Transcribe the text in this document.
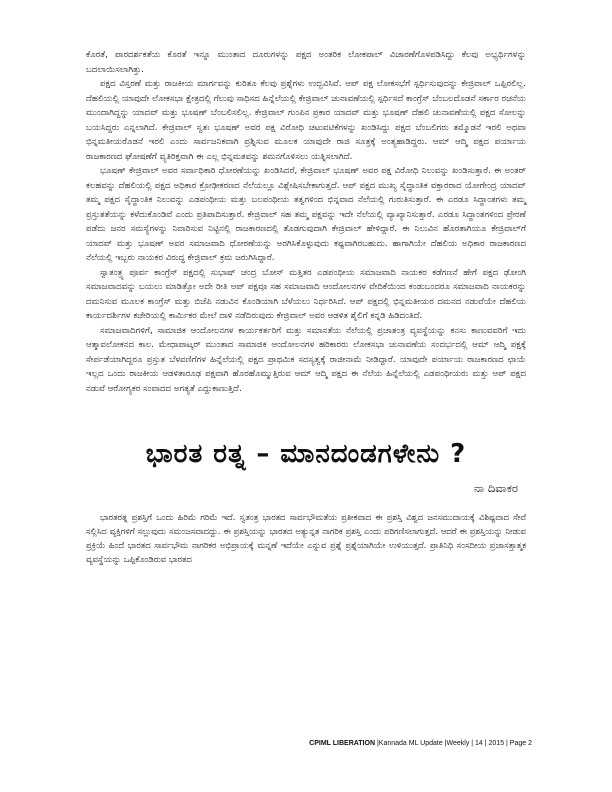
ಕೊರತೆ, ಪಾರದರ್ಶಕತೆಯ ಕೊರತೆ ಇನ್ನೂ ಮುಂತಾದ ದೂರುಗಳನ್ನು ಪಕ್ಷದ ಅಂತರಿಕ ಲೋಕಪಾಲ್ ವಿಚಾರಣೆಗೊಳಪಡಿಸಿದ್ದು ಕೆಲವು ಅಭ್ಯರ್ಥಿಗಳನ್ನು ಬದಲಾಯಿಸಲಾಗಿತ್ತು.

ಪಕ್ಷದ ವಿಸ್ತರಣೆ ಮತ್ತು ರಾಜಕೀಯ ಮಾರ್ಗವನ್ನು ಕುರಿತೂ ಕೆಲವು ಪ್ರಶ್ನೆಗಳು ಉದ್ಭವಿಸಿವೆ. ಆಪ್ ಪಕ್ಷ ಲೋಕಸಭೆಗೆ ಸ್ಪರ್ಧಿಸುವುದನ್ನು ಕೇಜ್ರಿವಾಲ್ ಒಪ್ಪಿರಲಿಲ್ಲ. ದೆಹಲಿಯಲ್ಲಿ ಯಾವುದೇ ಲೋಕಸಭಾ ಕ್ಷೇತ್ರದಲ್ಲಿ ಗೆಲುವು ಸಾಧಿಸದ ಹಿನ್ನೆಲೆಯಲ್ಲಿ ಕೇಜ್ರಿವಾಲ್ ಚುನಾವಣೆಯಲ್ಲಿ ಸ್ಪರ್ಧಿಸದೆ ಕಾಂಗ್ರೆಸ್ ಬೆಂಬಲದೊಡನೆ ಸರ್ಕಾರ ರಚನೆಯ ಮುಂದಾಗಿದ್ದನ್ನು ಯಾದವ್ ಮತ್ತು ಭೂಷಣ್ ಬೆಂಬಲಿಸಲಿಲ್ಲ. ಕೇಜ್ರಿವಾಲ್ ಗುಂಪಿನ ಪ್ರಕಾರ ಯಾದವ್ ಮತ್ತು ಭೂಷಣ್ ದೆಹಲಿ ಚುನಾವಣೆಯಲ್ಲಿ ಪಕ್ಷದ ಸೋಲನ್ನು ಬಯಸಿದ್ದರು ಎನ್ನಲಾಗಿದೆ. ಕೇಜ್ರಿವಾಲ್ ಸ್ವತಃ ಭೂಷಣ್ ಅವರ ಪಕ್ಷ ವಿರೋಧಿ ಚಟುವಟಿಕೆಗಳನ್ನು ಖಂಡಿಸಿದ್ದು ಪಕ್ಷದ ಬೆಂಬಲಿಗರು ತಮ್ಮೊಡನೆ ಇರಲಿ ಅಥವಾ ಭಿನ್ನಮತೀಯರೊಡನೆ ಇರಲಿ ಎಂದು ಸಾರ್ವಜನಿಕವಾಗಿ ಪ್ರಶ್ನಿಸುವ ಮೂಲಕ ಯಾವುದೇ ರಾಜಿ ಸೂತ್ರಕ್ಕೆ ಅಂತ್ಯಹಾಡಿದ್ದರು. ಆಮ್ ಆದ್ಮಿ ಪಕ್ಷದ ಪರ್ಯಾಯ ರಾಜಕಾರಣದ ಘೋಷಣೆಗೆ ವ್ಯತಿರಿಕ್ತವಾಗಿ ಈ ಎಲ್ಲ ಭಿನ್ನಮತವನ್ನು ಶಮನಗೊಳಿಸಲು ಯತ್ನಿಸಲಾಗಿದೆ.

ಭೂಷಣ್ ಕೇಜ್ರಿವಾಲ್ ಅವರ ಸರ್ವಾಧಿಕಾರಿ ಧೋರಣೆಯನ್ನು ಖಂಡಿಸಿದರೆ, ಕೇಜ್ರಿವಾಲ್ ಭೂಷಣ್ ಅವರ ಪಕ್ಷ ವಿರೋಧಿ ನಿಲುವನ್ನು ಖಂಡಿಸುತ್ತಾರೆ. ಈ ಅಂತರ್ ಕಲಹವನ್ನು ದೆಹಲಿಯಲ್ಲಿ ಪಕ್ಷದ ಅಧಿಕಾರ ಕ್ರೋಢೀಕರಣದ ನೆಲೆಯಲ್ಲೂ ವಿಶ್ಲೇಷಿಸಬೇಕಾಗುತ್ತದೆ. ಆಪ್ ಪಕ್ಷದ ಮುಖ್ಯ ಸೈದ್ಧಾಂತಿಕ ವಕ್ತಾರರಾದ ಯೋಗೇಂದ್ರ ಯಾದವ್ ತಮ್ಮ ಪಕ್ಷದ ಸೈದ್ಧಾಂತಿಕ ನಿಲುವನ್ನು ಎಡಪಂಥೀಯ ಮತ್ತು ಬಲಪಂಥೀಯ ತತ್ವಗಳಿಂದ ಭಿನ್ನವಾದ ನೆಲೆಯಲ್ಲಿ ಗುರುತಿಸುತ್ತಾರೆ. ಈ ಎರಡೂ ಸಿದ್ಧಾಂತಗಳು ತಮ್ಮ ಪ್ರಸ್ತುತತೆಯನ್ನು ಕಳೆದುಕೊಂಡಿವೆ ಎಂದು ಪ್ರತಿಪಾದಿಸುತ್ತಾರೆ. ಕೇಜ್ರಿವಾಲ್ ಸಹ ತಮ್ಮ ಪಕ್ಷವನ್ನು ಇದೇ ನೆಲೆಯಲ್ಲಿ ವ್ಯಾಖ್ಯಾನಿಸುತ್ತಾರೆ. ಎರಡೂ ಸಿದ್ಧಾಂತಗಳಿಂದ ಪ್ರೇರಣೆ ಪಡೆದು ಜನರ ಸಮಸ್ಯೆಗಳನ್ನು ನಿವಾರಿಸುವ ನಿಟ್ಟಿನಲ್ಲಿ ರಾಜಕಾರಣದಲ್ಲಿ ತೊಡಗುವುದಾಗಿ ಕೇಜ್ರಿವಾಲ್ ಹೇಳಿದ್ದಾರೆ. ಈ ನಿಲುವಿನ ಹೊರತಾಗಿಯೂ ಕೇಜ್ರಿವಾಲ್‌ಗೆ ಯಾದವ್ ಮತ್ತು ಭೂಷಣ್ ಅವರ ಸಮಾಜವಾದಿ ಧೋರಣೆಯನ್ನು ಅರಗಿಸಿಕೊಳ್ಳುವುದು ಕಷ್ಟವಾಗಿರಬಹುದು. ಹಾಗಾಗಿಯೇ ದೆಹಲಿಯ ಅಧಿಕಾರ ರಾಜಕಾರಣದ ನೆಲೆಯಲ್ಲಿ ಇಬ್ಬರು ನಾಯಕರ ವಿರುದ್ಧ ಕೇಜ್ರಿವಾಲ್ ಕ್ರಮ ಜರುಗಿಸಿದ್ದಾರೆ.

ಸ್ವಾತಂತ್ರ್ಯ ಪೂರ್ವ ಕಾಂಗ್ರೆಸ್ ಪಕ್ಷದಲ್ಲಿ ಸುಭಾಷ್ ಚಂದ್ರ ಬೋಸ್ ಮತ್ತಿತರ ಎಡಪಂಥೀಯ ಸಮಾಜವಾದಿ ನಾಯಕರ ಕಡೆಗಣನೆ ಹೇಗೆ ಪಕ್ಷದ ಢೋಂಗಿ ಸಮಾಜವಾದವನ್ನು ಬಯಲು ಮಾಡಿತ್ತೋ ಅದೇ ರೀತಿ ಆಪ್ ಪಕ್ಷವೂ ಸಹ ಸಮಾಜವಾದಿ ಆಂದೋಲನಗಳ ವೇದಿಕೆಯಿಂದ ಕಂಡುಬಂದರೂ ಸಮಾಜವಾದಿ ನಾಯಕರನ್ನು ದಮನಿಸುವ ಮೂಲಕ ಕಾಂಗ್ರೆಸ್ ಮತ್ತು ಬಿಜೆಪಿ ನಡುವಿನ ಕೊಂಡಿಯಾಗಿ ಬೆಳೆಯಲು ನಿರ್ಧರಿಸಿದೆ. ಆಪ್ ಪಕ್ಷದಲ್ಲಿ ಭಿನ್ನಮತೀಯರ ದಮನದ ನಡುವೆಯೇ ದೆಹಲಿಯ ಕಾರ್ಯದರ್ಶಿಗಳ ಕಚೇರಿಯಲ್ಲಿ ಕಾರ್ಮಿಕರ ಮೇಲೆ ದಾಳಿ ನಡೆದಿರುವುದು ಕೇಜ್ರಿವಾಲ್ ಅವರ ಆಡಳಿತ ಶೈಲಿಗೆ ಕನ್ನಡಿ ಹಿಡಿದಂತಿದೆ.

ಸಮಾಜವಾದಿಗಳಿಗೆ, ಸಾಮಾಜಿಕ ಆಂದೋಲನಗಳ ಕಾರ್ಯಕರ್ತರಿಗೆ ಮತ್ತು ಸಮಾನತೆಯ ನೆಲೆಯಲ್ಲಿ ಪ್ರಜಾತಂತ್ರ ವ್ಯವಸ್ಥೆಯನ್ನು ಕನಸು ಕಾಣುವವರಿಗೆ ಇದು ಆತ್ಮಾವಲೋಕನದ ಕಾಲ. ಮೇಧಾಪಾಟ್ಕರ್ ಮುಂತಾದ ಸಾಮಾಜಿಕ ಆಂದೋಲನಗಳ ಹರಿಕಾರರು ಲೋಕಸಭಾ ಚುನಾವಣೆಯ ಸಂದರ್ಭದಲ್ಲಿ ಆಮ್ ಆದ್ಮಿ ಪಕ್ಷಕ್ಕೆ ಸೇರ್ಪಡೆಯಾಗಿದ್ದರೂ ಪ್ರಸ್ತುತ ಬೆಳವಣಿಗೆಗಳ ಹಿನ್ನೆಲೆಯಲ್ಲಿ ಪಕ್ಷದ ಪ್ರಾಥಮಿಕ ಸದಸ್ಯತ್ವಕ್ಕೆ ರಾಜೀನಾಮೆ ನೀಡಿದ್ದಾರೆ. ಯಾವುದೇ ಪರ್ಯಾಯ ರಾಜಕಾರಣದ ಛಾಯೆ ಇಲ್ಲದ ಒಂದು ರಾಜಕೀಯ ಆಡಳಿತಾರೂಢ ಪಕ್ಷವಾಗಿ ಹೊರಹೊಮ್ಮುತ್ತಿರುವ ಆಮ್ ಆದ್ಮಿ ಪಕ್ಷದ ಈ ನೆಲೆಯ ಹಿನ್ನೆಲೆಯಲ್ಲಿ ಎಡಪಂಥೀಯರು ಮತ್ತು ಆಪ್ ಪಕ್ಷದ ನಡುವೆ ಆರೋಗ್ಯಕರ ಸಂವಾದದ ಅಗತ್ಯತೆ ಎದ್ದುಕಾಣುತ್ತಿದೆ.

ಭಾರತ ರತ್ನ – ಮಾನದಂಡಗಳೇನು ?
ನಾ ದಿವಾಕರ

ಭಾರತರತ್ನ ಪ್ರಶಸ್ತಿಗೆ ಒಂದು ಹಿರಿಮೆ ಗರಿಮೆ ಇದೆ. ಸ್ವತಂತ್ರ ಭಾರತದ ಸಾರ್ವಭೌಮತೆಯ ಪ್ರತೀಕವಾದ ಈ ಪ್ರಶಸ್ತಿ ವಿಶ್ವದ ಜನಸಮುದಾಯಕ್ಕೆ ವಿಶಿಷ್ಟವಾದ ಸೇವೆ ಸಲ್ಲಿಸಿದ ವ್ಯಕ್ತಿಗಳಿಗೆ ಸಲ್ಲುವುದು ಸಮಂಜಸವಾದದ್ದು. ಈ ಪ್ರಶಸ್ತಿಯನ್ನು ಭಾರತದ ಅತ್ಯುನ್ನತ ನಾಗರಿಕ ಪ್ರಶಸ್ತಿ ಎಂದು ಪರಿಗಣಿಸಲಾಗುತ್ತದೆ. ಆದರೆ ಈ ಪ್ರಶಸ್ತಿಯನ್ನು ನೀಡುವ ಪ್ರಕ್ರಿಯೆ ಹಿಂದೆ ಭಾರತದ ಸಾರ್ವಭೌಮ ನಾಗರಿಕರ ಅಭಿಪ್ರಾಯಕ್ಕೆ ಮನ್ನಣೆ ಇದೆಯೇ ಎನ್ನುವ ಪ್ರಶ್ನೆ ಪ್ರಶ್ನೆಯಾಗಿಯೇ ಉಳಿಯುತ್ತದೆ. ಪ್ರಾತಿನಿಧಿ ಸಂಸದೀಯ ಪ್ರಜಾಸತ್ತಾತ್ಮಕ ವ್ಯವಸ್ಥೆಯನ್ನು ಒಪ್ಪಿಕೊಂಡಿರುವ ಭಾರತದ

CPIML LIBERATION |Kannada ML Update |Weekly | 14 | 2015 | Page 2
